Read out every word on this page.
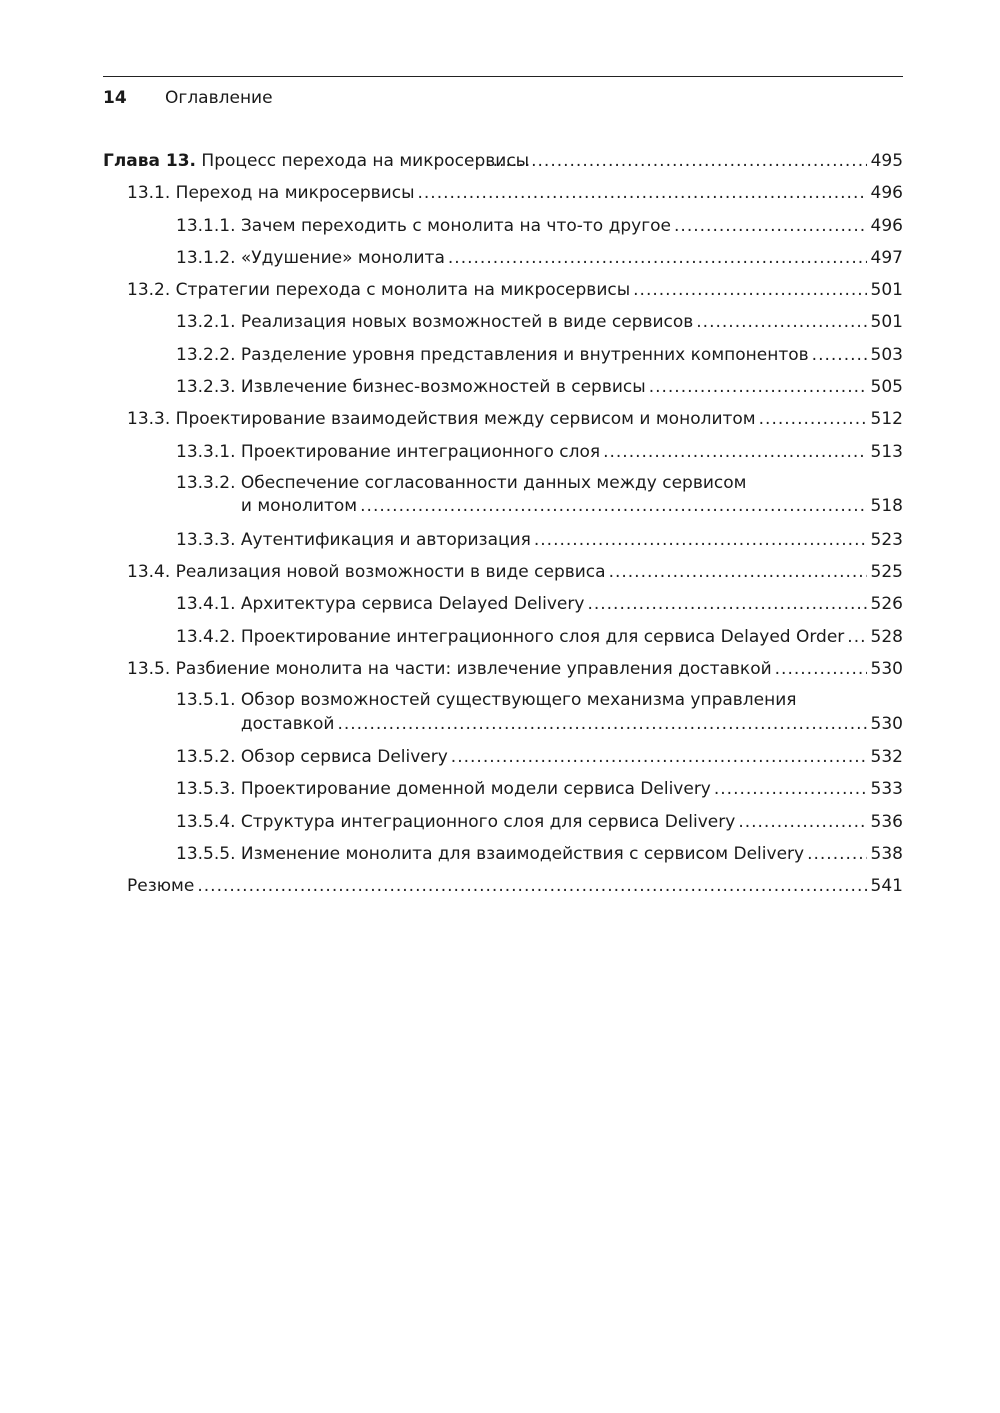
14	Оглавление
Глава 13. Процесс перехода на микросервисы .....	495
13.1. Переход на микросервисы .....	496
13.1.1. Зачем переходить с монолита на что-то другое .....	496
13.1.2. «Удушение» монолита .....	497
13.2. Стратегии перехода с монолита на микросервисы .....	501
13.2.1. Реализация новых возможностей в виде сервисов .....	501
13.2.2. Разделение уровня представления и внутренних компонентов .....	503
13.2.3. Извлечение бизнес-возможностей в сервисы .....	505
13.3. Проектирование взаимодействия между сервисом и монолитом .....	512
13.3.1. Проектирование интеграционного слоя .....	513
13.3.2. Обеспечение согласованности данных между сервисом
и монолитом .....	518
13.3.3. Аутентификация и авторизация .....	523
13.4. Реализация новой возможности в виде сервиса .....	525
13.4.1. Архитектура сервиса Delayed Delivery .....	526
13.4.2. Проектирование интеграционного слоя для сервиса Delayed Order ..... 528
13.5. Разбиение монолита на части: извлечение управления доставкой .....	530
13.5.1. Обзор возможностей существующего механизма управления
доставкой .....	530
13.5.2. Обзор сервиса Delivery .....	532
13.5.3. Проектирование доменной модели сервиса Delivery .....	533
13.5.4. Структура интеграционного слоя для сервиса Delivery .....	536
13.5.5. Изменение монолита для взаимодействия с сервисом Delivery .....	538
Резюме .....	541
